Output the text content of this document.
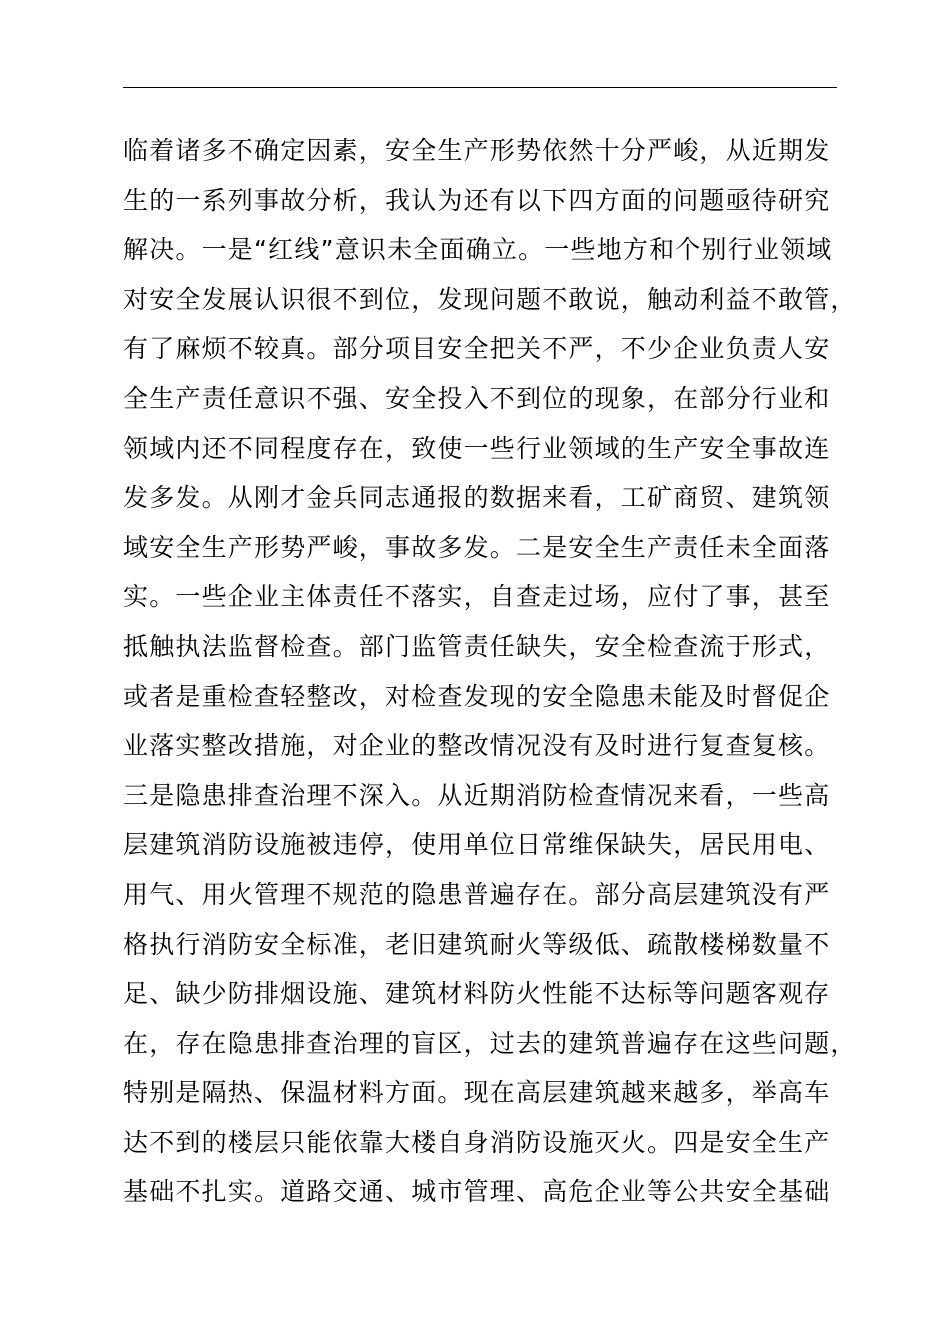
临着诸多不确定因素，安全生产形势依然十分严峻，从近期发
生的一系列事故分析，我认为还有以下四方面的问题亟待研究
解决。一是“红线”意识未全面确立。一些地方和个别行业领域
对安全发展认识很不到位，发现问题不敢说，触动利益不敢管，
有了麻烦不较真。部分项目安全把关不严，不少企业负责人安
全生产责任意识不强、安全投入不到位的现象，在部分行业和
领域内还不同程度存在，致使一些行业领域的生产安全事故连
发多发。从刚才金兵同志通报的数据来看，工矿商贸、建筑领
域安全生产形势严峻，事故多发。二是安全生产责任未全面落
实。一些企业主体责任不落实，自查走过场，应付了事，甚至
抵触执法监督检查。部门监管责任缺失，安全检查流于形式，
或者是重检查轻整改，对检查发现的安全隐患未能及时督促企
业落实整改措施，对企业的整改情况没有及时进行复查复核。
三是隐患排查治理不深入。从近期消防检查情况来看，一些高
层建筑消防设施被违停，使用单位日常维保缺失，居民用电、
用气、用火管理不规范的隐患普遍存在。部分高层建筑没有严
格执行消防安全标准，老旧建筑耐火等级低、疏散楼梯数量不
足、缺少防排烟设施、建筑材料防火性能不达标等问题客观存
在，存在隐患排查治理的盲区，过去的建筑普遍存在这些问题，
特别是隔热、保温材料方面。现在高层建筑越来越多，举高车
达不到的楼层只能依靠大楼自身消防设施灭火。四是安全生产
基础不扎实。道路交通、城市管理、高危企业等公共安全基础
